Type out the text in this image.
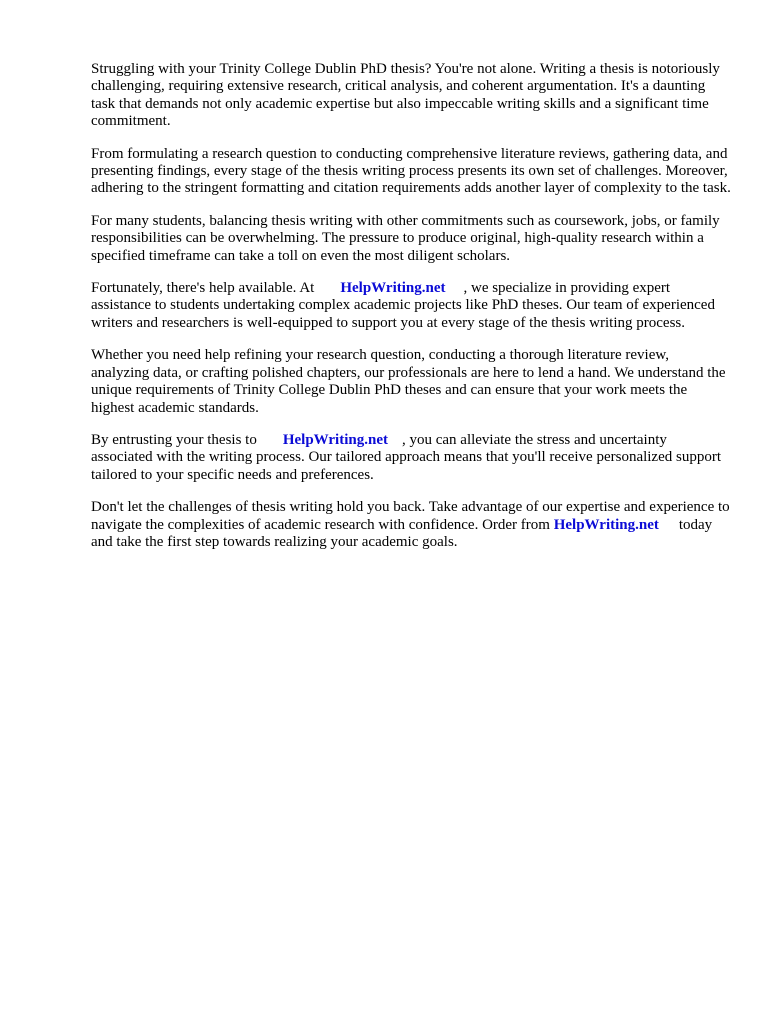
Struggling with your Trinity College Dublin PhD thesis? You're not alone. Writing a thesis is notoriously challenging, requiring extensive research, critical analysis, and coherent argumentation. It's a daunting task that demands not only academic expertise but also impeccable writing skills and a significant time commitment.

From formulating a research question to conducting comprehensive literature reviews, gathering data, and presenting findings, every stage of the thesis writing process presents its own set of challenges. Moreover, adhering to the stringent formatting and citation requirements adds another layer of complexity to the task.

For many students, balancing thesis writing with other commitments such as coursework, jobs, or family responsibilities can be overwhelming. The pressure to produce original, high-quality research within a specified timeframe can take a toll on even the most diligent scholars.

Fortunately, there's help available. At HelpWriting.net , we specialize in providing expert assistance to students undertaking complex academic projects like PhD theses. Our team of experienced writers and researchers is well-equipped to support you at every stage of the thesis writing process.

Whether you need help refining your research question, conducting a thorough literature review, analyzing data, or crafting polished chapters, our professionals are here to lend a hand. We understand the unique requirements of Trinity College Dublin PhD theses and can ensure that your work meets the highest academic standards.

By entrusting your thesis to HelpWriting.net , you can alleviate the stress and uncertainty associated with the writing process. Our tailored approach means that you'll receive personalized support tailored to your specific needs and preferences.

Don't let the challenges of thesis writing hold you back. Take advantage of our expertise and experience to navigate the complexities of academic research with confidence. Order from HelpWriting.net today and take the first step towards realizing your academic goals.
